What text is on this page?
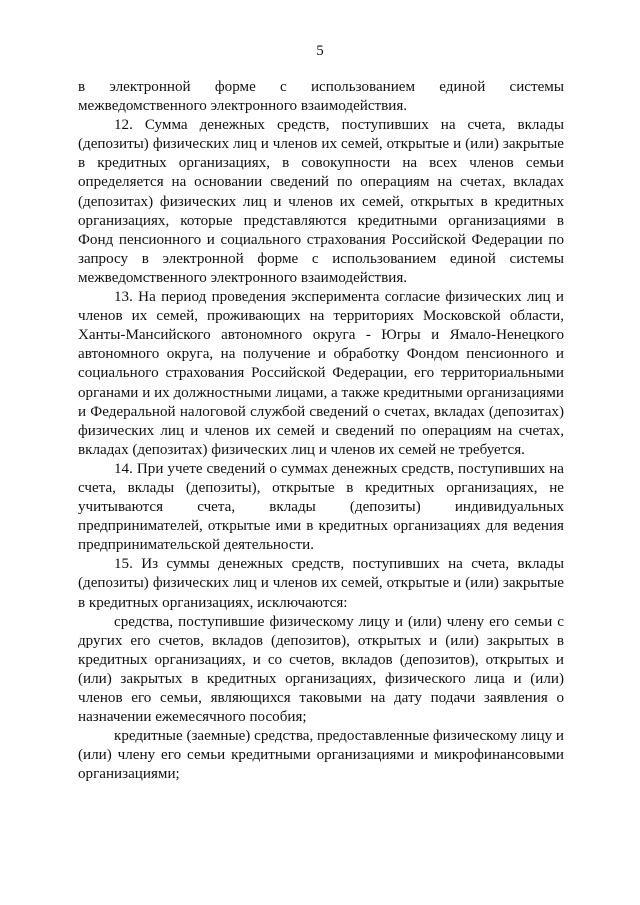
5

в электронной форме с использованием единой системы межведомственного электронного взаимодействия.

12. Сумма денежных средств, поступивших на счета, вклады (депозиты) физических лиц и членов их семей, открытые и (или) закрытые в кредитных организациях, в совокупности на всех членов семьи определяется на основании сведений по операциям на счетах, вкладах (депозитах) физических лиц и членов их семей, открытых в кредитных организациях, которые представляются кредитными организациями в Фонд пенсионного и социального страхования Российской Федерации по запросу в электронной форме с использованием единой системы межведомственного электронного взаимодействия.

13. На период проведения эксперимента согласие физических лиц и членов их семей, проживающих на территориях Московской области, Ханты-Мансийского автономного округа - Югры и Ямало-Ненецкого автономного округа, на получение и обработку Фондом пенсионного и социального страхования Российской Федерации, его территориальными органами и их должностными лицами, а также кредитными организациями и Федеральной налоговой службой сведений о счетах, вкладах (депозитах) физических лиц и членов их семей и сведений по операциям на счетах, вкладах (депозитах) физических лиц и членов их семей не требуется.

14. При учете сведений о суммах денежных средств, поступивших на счета, вклады (депозиты), открытые в кредитных организациях, не учитываются счета, вклады (депозиты) индивидуальных предпринимателей, открытые ими в кредитных организациях для ведения предпринимательской деятельности.

15. Из суммы денежных средств, поступивших на счета, вклады (депозиты) физических лиц и членов их семей, открытые и (или) закрытые в кредитных организациях, исключаются:

средства, поступившие физическому лицу и (или) члену его семьи с других его счетов, вкладов (депозитов), открытых и (или) закрытых в кредитных организациях, и со счетов, вкладов (депозитов), открытых и (или) закрытых в кредитных организациях, физического лица и (или) членов его семьи, являющихся таковыми на дату подачи заявления о назначении ежемесячного пособия;

кредитные (заемные) средства, предоставленные физическому лицу и (или) члену его семьи кредитными организациями и микрофинансовыми организациями;
